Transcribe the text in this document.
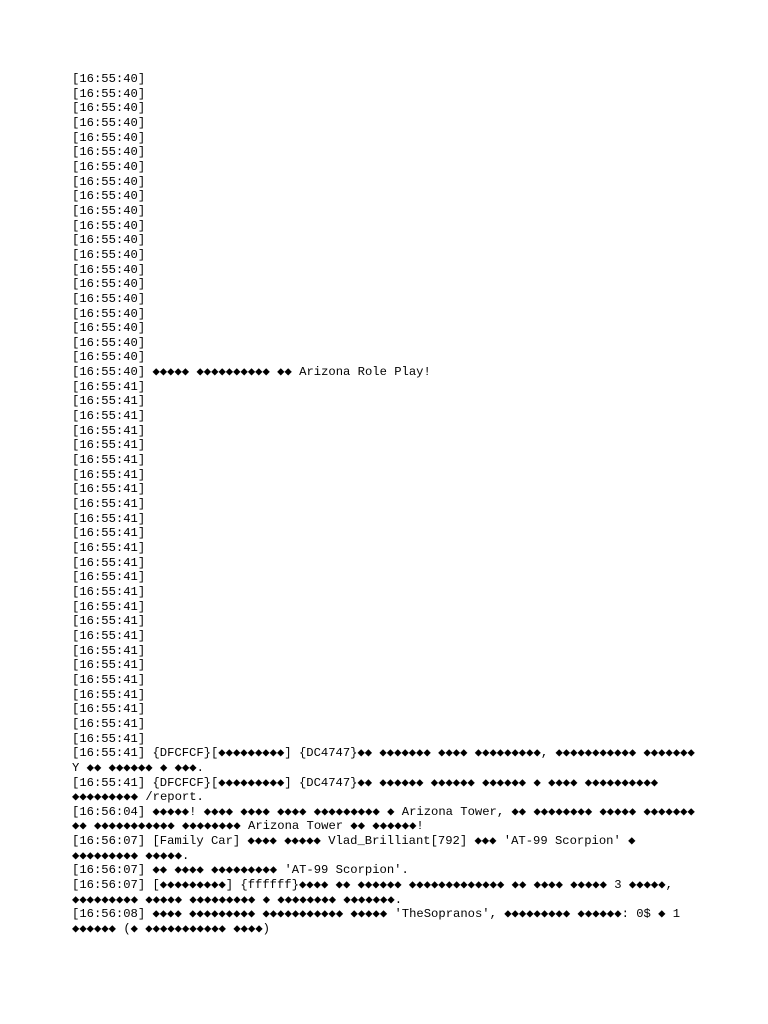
[16:55:40]
[16:55:40]
[16:55:40]
[16:55:40]
[16:55:40]
[16:55:40]
[16:55:40]
[16:55:40]
[16:55:40]
[16:55:40]
[16:55:40]
[16:55:40]
[16:55:40]
[16:55:40]
[16:55:40]
[16:55:40]
[16:55:40]
[16:55:40]
[16:55:40]
[16:55:40]
[16:55:40] ◆◆◆◆◆ ◆◆◆◆◆◆◆◆◆◆ ◆◆ Arizona Role Play!
[16:55:41]
[16:55:41]
[16:55:41]
[16:55:41]
[16:55:41]
[16:55:41]
[16:55:41]
[16:55:41]
[16:55:41]
[16:55:41]
[16:55:41]
[16:55:41]
[16:55:41]
[16:55:41]
[16:55:41]
[16:55:41]
[16:55:41]
[16:55:41]
[16:55:41]
[16:55:41]
[16:55:41]
[16:55:41]
[16:55:41]
[16:55:41]
[16:55:41]
[16:55:41] {DFCFCF}[◆◆◆◆◆◆◆◆◆] {DC4747}◆◆ ◆◆◆◆◆◆◆ ◆◆◆◆ ◆◆◆◆◆◆◆◆◆, ◆◆◆◆◆◆◆◆◆◆◆ ◆◆◆◆◆◆◆ Y ◆◆ ◆◆◆◆◆◆ ◆ ◆◆◆.
[16:55:41] {DFCFCF}[◆◆◆◆◆◆◆◆◆] {DC4747}◆◆ ◆◆◆◆◆◆ ◆◆◆◆◆◆ ◆◆◆◆◆◆ ◆ ◆◆◆◆ ◆◆◆◆◆◆◆◆◆◆ ◆◆◆◆◆◆◆◆◆ /report.
[16:56:04] ◆◆◆◆◆! ◆◆◆◆ ◆◆◆◆ ◆◆◆◆ ◆◆◆◆◆◆◆◆◆ ◆ Arizona Tower, ◆◆ ◆◆◆◆◆◆◆◆ ◆◆◆◆◆ ◆◆◆◆◆◆◆ ◆◆ ◆◆◆◆◆◆◆◆◆◆◆ ◆◆◆◆◆◆◆◆ Arizona Tower ◆◆ ◆◆◆◆◆◆!
[16:56:07] [Family Car] ◆◆◆◆ ◆◆◆◆◆ Vlad_Brilliant[792] ◆◆◆ 'AT-99 Scorpion' ◆ ◆◆◆◆◆◆◆◆◆ ◆◆◆◆◆.
[16:56:07] ◆◆ ◆◆◆◆ ◆◆◆◆◆◆◆◆◆ 'AT-99 Scorpion'.
[16:56:07] [◆◆◆◆◆◆◆◆◆] {ffffff}◆◆◆◆ ◆◆ ◆◆◆◆◆◆ ◆◆◆◆◆◆◆◆◆◆◆◆◆ ◆◆ ◆◆◆◆ ◆◆◆◆◆ 3 ◆◆◆◆◆, ◆◆◆◆◆◆◆◆◆ ◆◆◆◆◆ ◆◆◆◆◆◆◆◆◆ ◆ ◆◆◆◆◆◆◆◆ ◆◆◆◆◆◆◆.
[16:56:08] ◆◆◆◆ ◆◆◆◆◆◆◆◆◆ ◆◆◆◆◆◆◆◆◆◆◆ ◆◆◆◆◆ 'TheSopranos', ◆◆◆◆◆◆◆◆◆ ◆◆◆◆◆◆: 0$ ◆ 1 ◆◆◆◆◆◆ (◆ ◆◆◆◆◆◆◆◆◆◆◆ ◆◆◆◆)
